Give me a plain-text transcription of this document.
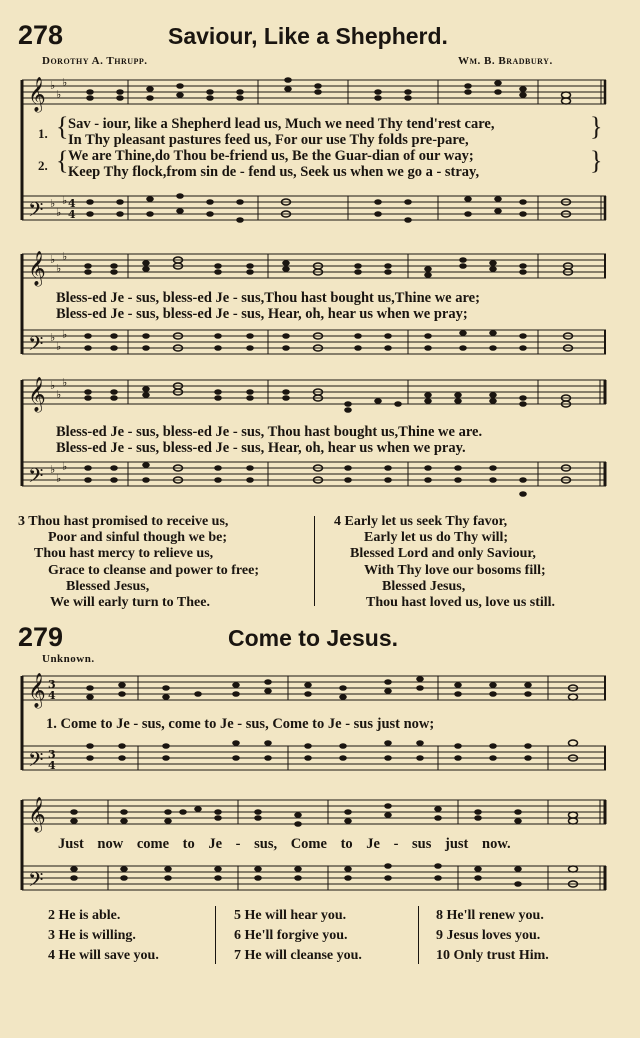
278	Saviour, Like a Shepherd.
Dorothy A. Thrupp.	Wm. B. Bradbury.
𝄞
𝄢
♭
♭
♭
♭
♭
♭ 4
4
1.
2.
{
{
}
}
Sav - iour, like a Shepherd lead us, Much we need Thy tend'rest care,
In Thy pleasant pastures feed us, For our use Thy folds pre-pare,
We are Thine,do Thou be-friend us, Be the Guar-dian of our way;
Keep Thy flock,from sin de - fend us, Seek us when we go a - stray,
𝄞
𝄢
♭
♭
♭
♭
♭
♭
Bless-ed Je - sus, bless-ed Je - sus,Thou hast bought us,Thine we are;
Bless-ed Je - sus, bless-ed Je - sus, Hear, oh, hear us when we pray;
𝄞
𝄢
♭
♭
♭
♭
♭
♭
Bless-ed Je - sus, bless-ed Je - sus, Thou hast bought us,Thine we are.
Bless-ed Je - sus, bless-ed Je - sus, Hear, oh, hear us when we pray.
3 Thou hast promised to receive us,
Poor and sinful though we be;
Thou hast mercy to relieve us,
Grace to cleanse and power to free;
Blessed Jesus,
We will early turn to Thee.
4 Early let us seek Thy favor,
Early let us do Thy will;
Blessed Lord and only Saviour,
With Thy love our bosoms fill;
Blessed Jesus,
Thou hast loved us, love us still.
279	Come to Jesus.
Unknown.
𝄞
𝄢
3
4
3
4
1. Come to Je - sus, come to Je - sus, Come to Je - sus just now;
𝄞
𝄢
Just now come to Je - sus, Come to Je - sus just now.
2 He is able.
3 He is willing.
4 He will save you.
5 He will hear you.
6 He'll forgive you.
7 He will cleanse you.
8 He'll renew you.
9 Jesus loves you.
10 Only trust Him.
